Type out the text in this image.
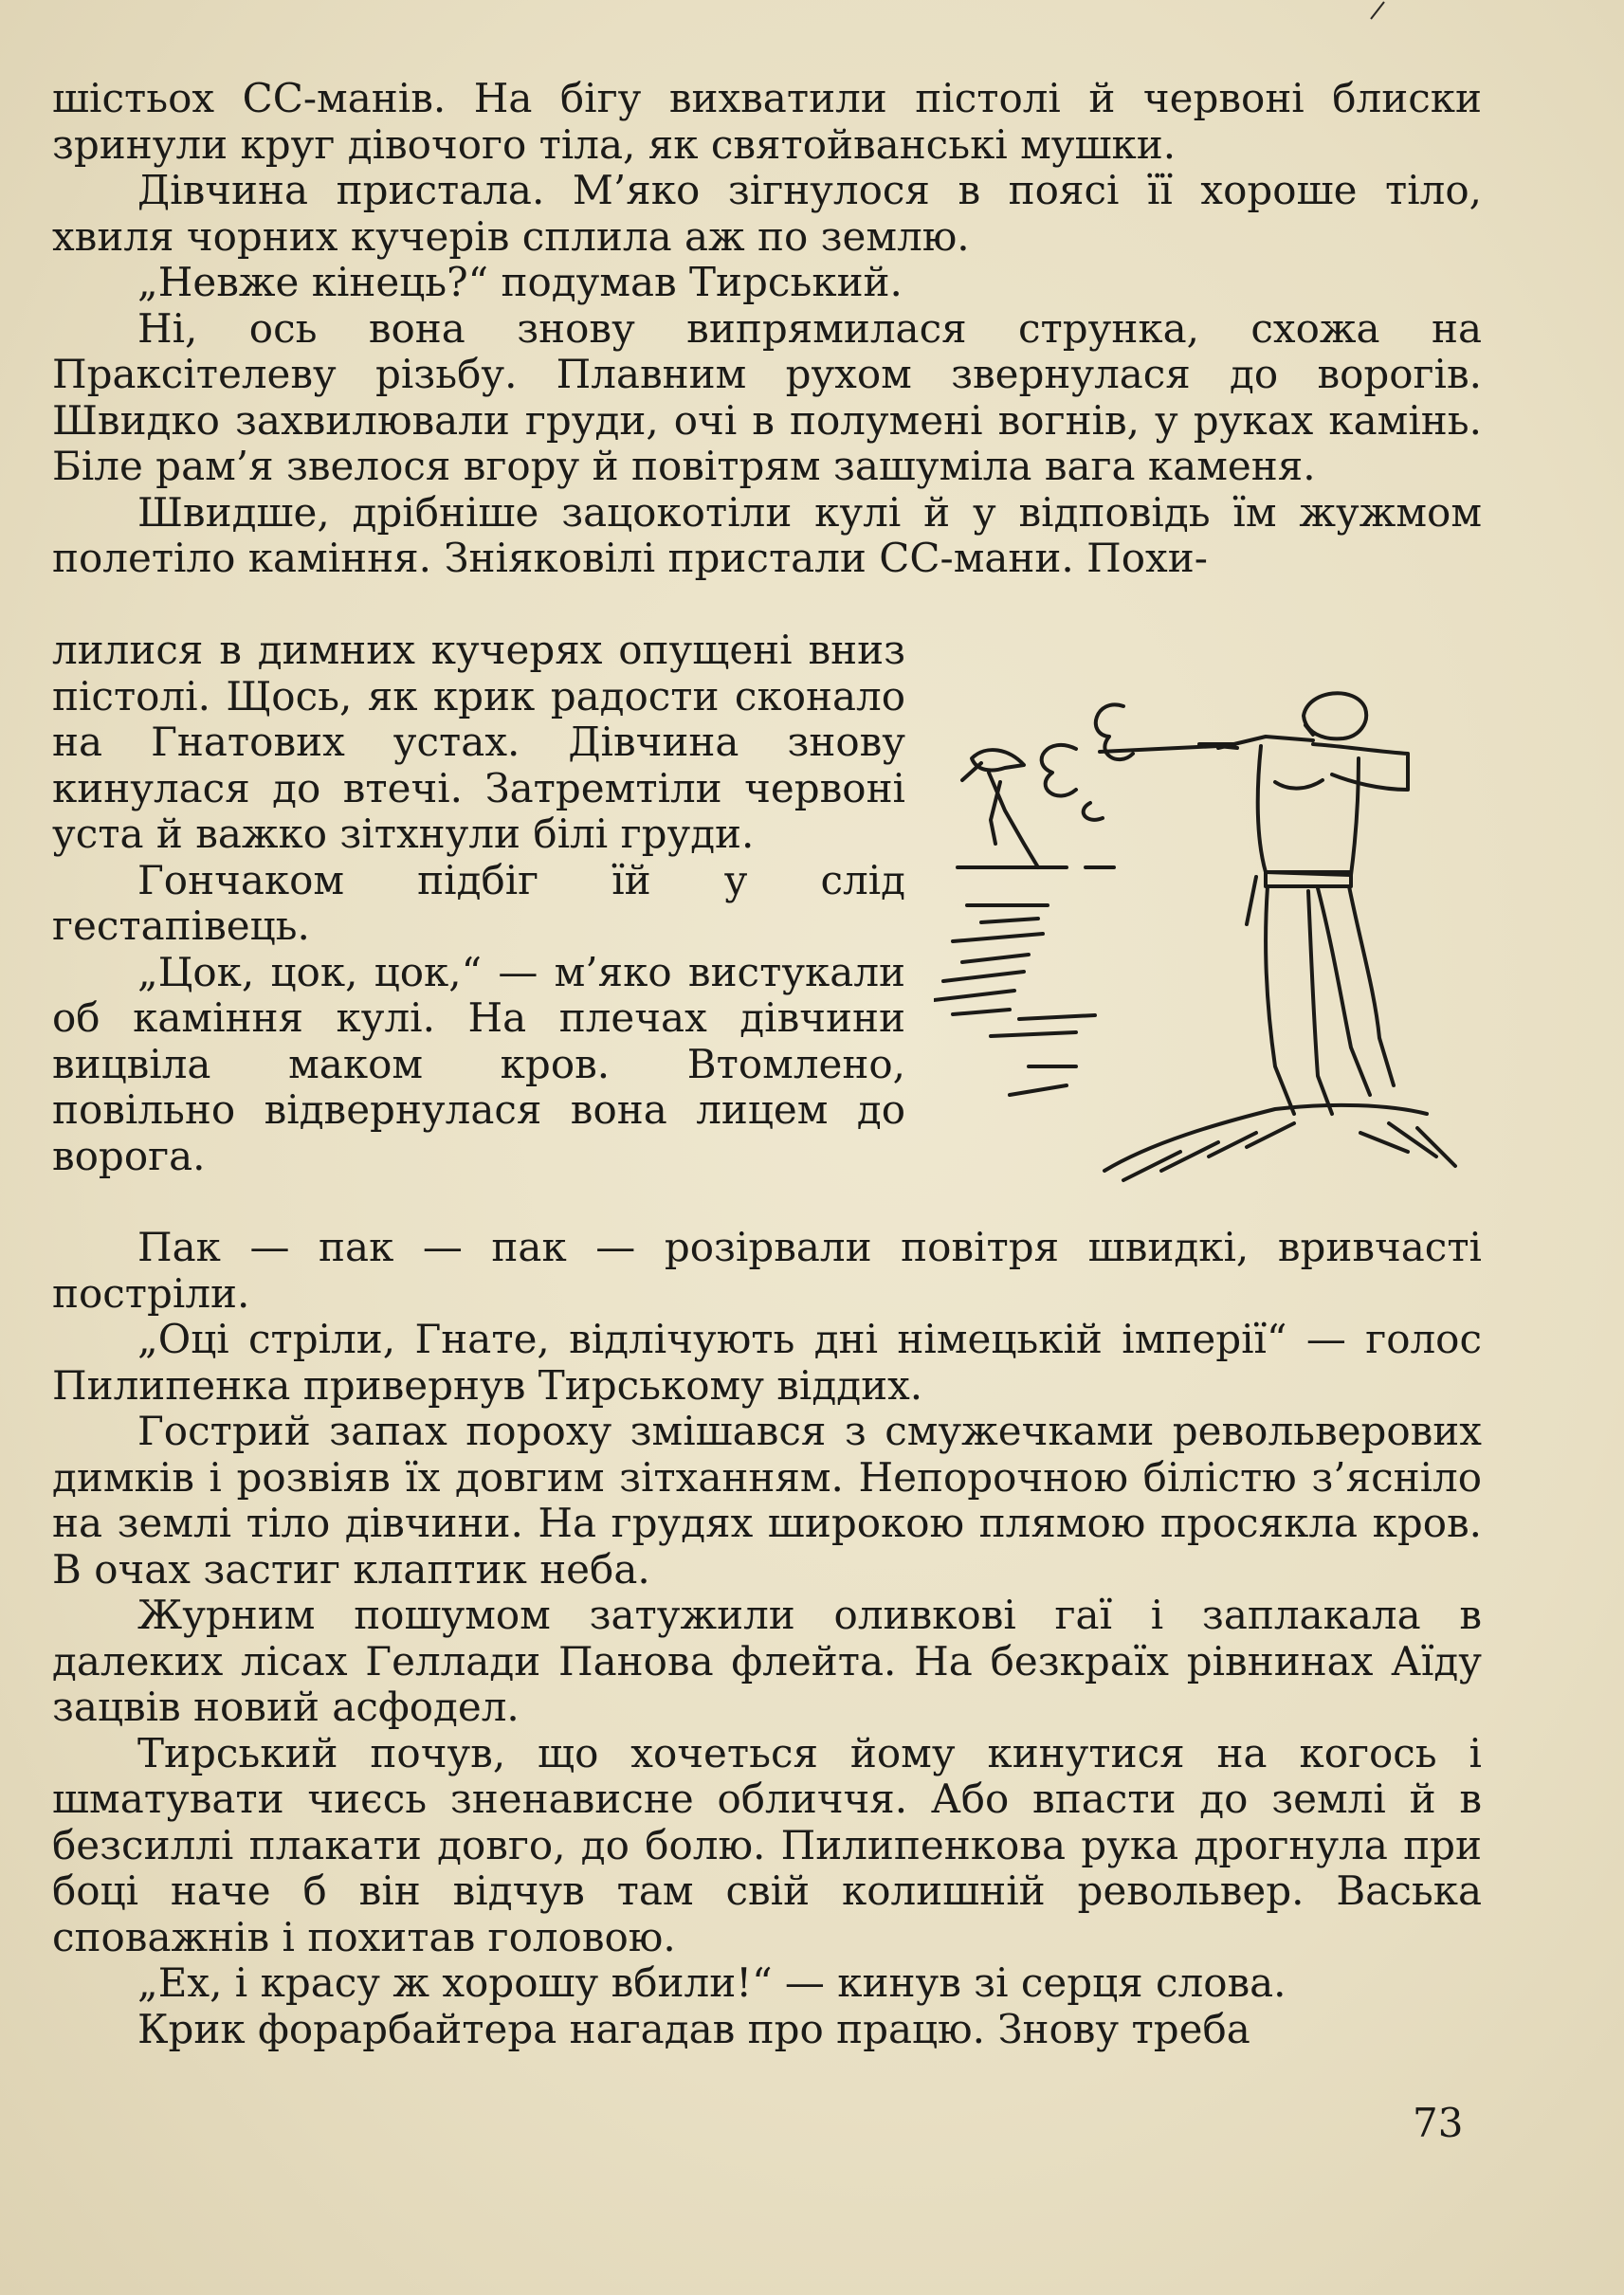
шістьох СС-манів. На бігу вихватили пістолі й червоні блиски зринули круг дівочого тіла, як святойванські мушки.

Дівчина пристала. М’яко зігнулося в поясі її хороше тіло, хвиля чорних кучерів сплила аж по землю.

„Невже кінець?“ подумав Тирський.

Ні, ось вона знову випрямилася струнка, схожа на Праксітелеву різьбу. Плавним рухом звернулася до ворогів. Швидко захвилювали груди, очі в полумені вогнів, у руках камінь. Біле рам’я звелося вгору й повітрям зашуміла вага каменя.

Швидше, дрібніше зацокотіли кулі й у відповідь їм жужмом полетіло каміння. Зніяковілі пристали СС-мани. Похи-

лилися в димних кучерях опущені вниз пістолі. Щось, як крик радости сконало на Гнатових устах. Дівчина знову кинулася до втечі. Затремтіли червоні уста й важко зітхнули білі груди.

Гончаком підбіг їй у слід гестапівець.

„Цок, цок, цок,“ — м’яко вистукали об каміння кулі. На плечах дівчини вицвіла маком кров. Втомлено, повільно відвернулася вона лицем до ворога.

Пак — пак — пак — розірвали повітря швидкі, вривчасті постріли.

„Оці стріли, Гнате, відлічують дні німецькій імперії“ — голос Пилипенка привернув Тирському віддих.

Гострий запах пороху змішався з смужечками револьверових димків і розвіяв їх довгим зітханням. Непорочною білістю з’ясніло на землі тіло дівчини. На грудях широкою плямою просякла кров. В очах застиг клаптик неба.

Журним пошумом затужили оливкові гаї і заплакала в далеких лісах Геллади Панова флейта. На безкраїх рівнинах Аїду зацвів новий асфодел.

Тирський почув, що хочеться йому кинутися на когось і шматувати чиєсь зненависне обличчя. Або впасти до землі й в безсиллі плакати довго, до болю. Пилипенкова рука дрогнула при боці наче б він відчув там свій колишній револьвер. Васька споважнів і похитав головою.

„Ех, і красу ж хорошу вбили!“ — кинув зі серця слова.

Крик форарбайтера нагадав про працю. Знову треба

73
